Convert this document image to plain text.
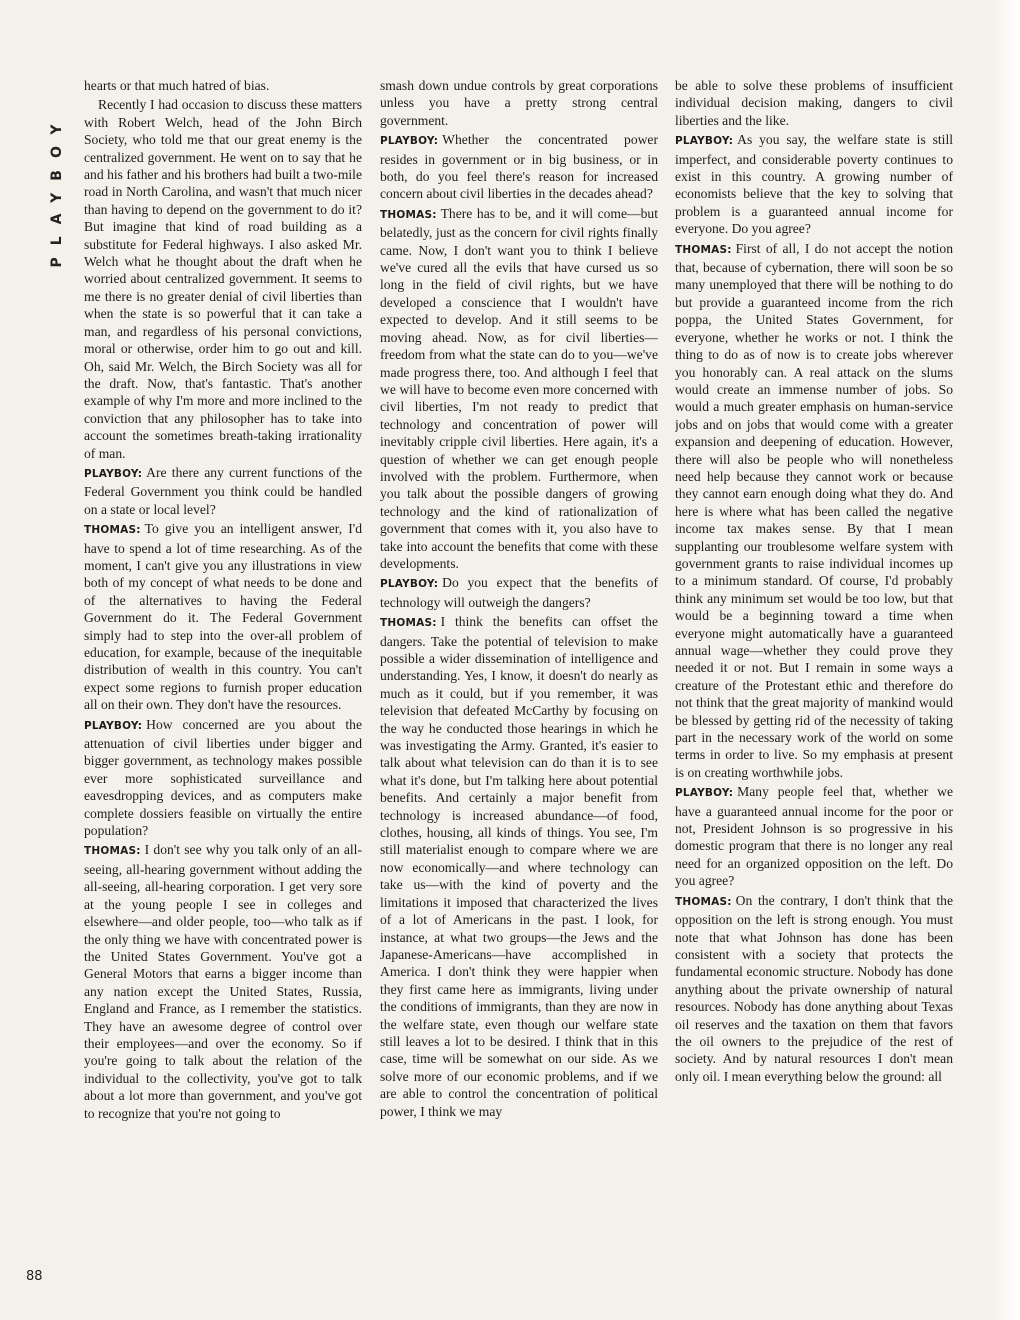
PLAYBOY

hearts or that much hatred of bias.

Recently I had occasion to discuss these matters with Robert Welch, head of the John Birch Society, who told me that our great enemy is the centralized government. He went on to say that he and his father and his brothers had built a two-mile road in North Carolina, and wasn't that much nicer than having to depend on the government to do it? But imagine that kind of road building as a substitute for Federal highways. I also asked Mr. Welch what he thought about the draft when he worried about centralized government. It seems to me there is no greater denial of civil liberties than when the state is so powerful that it can take a man, and regardless of his personal convictions, moral or otherwise, order him to go out and kill. Oh, said Mr. Welch, the Birch Society was all for the draft. Now, that's fantastic. That's another example of why I'm more and more inclined to the conviction that any philosopher has to take into account the sometimes breath-taking irrationality of man.

PLAYBOY: Are there any current functions of the Federal Government you think could be handled on a state or local level?

THOMAS: To give you an intelligent answer, I'd have to spend a lot of time researching. As of the moment, I can't give you any illustrations in view both of my concept of what needs to be done and of the alternatives to having the Federal Government do it. The Federal Government simply had to step into the over-all problem of education, for example, because of the inequitable distribution of wealth in this country. You can't expect some regions to furnish proper education all on their own. They don't have the resources.

PLAYBOY: How concerned are you about the attenuation of civil liberties under bigger and bigger government, as technology makes possible ever more sophisticated surveillance and eavesdropping devices, and as computers make complete dossiers feasible on virtually the entire population?

THOMAS: I don't see why you talk only of an all-seeing, all-hearing government without adding the all-seeing, all-hearing corporation. I get very sore at the young people I see in colleges and elsewhere—and older people, too—who talk as if the only thing we have with concentrated power is the United States Government. You've got a General Motors that earns a bigger income than any nation except the United States, Russia, England and France, as I remember the statistics. They have an awesome degree of control over their employees—and over the economy. So if you're going to talk about the relation of the individual to the collectivity, you've got to talk about a lot more than government, and you've got to recognize that you're not going to

smash down undue controls by great corporations unless you have a pretty strong central government.

PLAYBOY: Whether the concentrated power resides in government or in big business, or in both, do you feel there's reason for increased concern about civil liberties in the decades ahead?

THOMAS: There has to be, and it will come—but belatedly, just as the concern for civil rights finally came. Now, I don't want you to think I believe we've cured all the evils that have cursed us so long in the field of civil rights, but we have developed a conscience that I wouldn't have expected to develop. And it still seems to be moving ahead. Now, as for civil liberties—freedom from what the state can do to you—we've made progress there, too. And although I feel that we will have to become even more concerned with civil liberties, I'm not ready to predict that technology and concentration of power will inevitably cripple civil liberties. Here again, it's a question of whether we can get enough people involved with the problem. Furthermore, when you talk about the possible dangers of growing technology and the kind of rationalization of government that comes with it, you also have to take into account the benefits that come with these developments.

PLAYBOY: Do you expect that the benefits of technology will outweigh the dangers?

THOMAS: I think the benefits can offset the dangers. Take the potential of television to make possible a wider dissemination of intelligence and understanding. Yes, I know, it doesn't do nearly as much as it could, but if you remember, it was television that defeated McCarthy by focusing on the way he conducted those hearings in which he was investigating the Army. Granted, it's easier to talk about what television can do than it is to see what it's done, but I'm talking here about potential benefits. And certainly a major benefit from technology is increased abundance—of food, clothes, housing, all kinds of things. You see, I'm still materialist enough to compare where we are now economically—and where technology can take us—with the kind of poverty and the limitations it imposed that characterized the lives of a lot of Americans in the past. I look, for instance, at what two groups—the Jews and the Japanese-Americans—have accomplished in America. I don't think they were happier when they first came here as immigrants, living under the conditions of immigrants, than they are now in the welfare state, even though our welfare state still leaves a lot to be desired. I think that in this case, time will be somewhat on our side. As we solve more of our economic problems, and if we are able to control the concentration of political power, I think we may

be able to solve these problems of insufficient individual decision making, dangers to civil liberties and the like.

PLAYBOY: As you say, the welfare state is still imperfect, and considerable poverty continues to exist in this country. A growing number of economists believe that the key to solving that problem is a guaranteed annual income for everyone. Do you agree?

THOMAS: First of all, I do not accept the notion that, because of cybernation, there will soon be so many unemployed that there will be nothing to do but provide a guaranteed income from the rich poppa, the United States Government, for everyone, whether he works or not. I think the thing to do as of now is to create jobs wherever you honorably can. A real attack on the slums would create an immense number of jobs. So would a much greater emphasis on human-service jobs and on jobs that would come with a greater expansion and deepening of education. However, there will also be people who will nonetheless need help because they cannot work or because they cannot earn enough doing what they do. And here is where what has been called the negative income tax makes sense. By that I mean supplanting our troublesome welfare system with government grants to raise individual incomes up to a minimum standard. Of course, I'd probably think any minimum set would be too low, but that would be a beginning toward a time when everyone might automatically have a guaranteed annual wage—whether they could prove they needed it or not. But I remain in some ways a creature of the Protestant ethic and therefore do not think that the great majority of mankind would be blessed by getting rid of the necessity of taking part in the necessary work of the world on some terms in order to live. So my emphasis at present is on creating worthwhile jobs.

PLAYBOY: Many people feel that, whether we have a guaranteed annual income for the poor or not, President Johnson is so progressive in his domestic program that there is no longer any real need for an organized opposition on the left. Do you agree?

THOMAS: On the contrary, I don't think that the opposition on the left is strong enough. You must note that what Johnson has done has been consistent with a society that protects the fundamental economic structure. Nobody has done anything about the private ownership of natural resources. Nobody has done anything about Texas oil reserves and the taxation on them that favors the oil owners to the prejudice of the rest of society. And by natural resources I don't mean only oil. I mean everything below the ground: all

88
